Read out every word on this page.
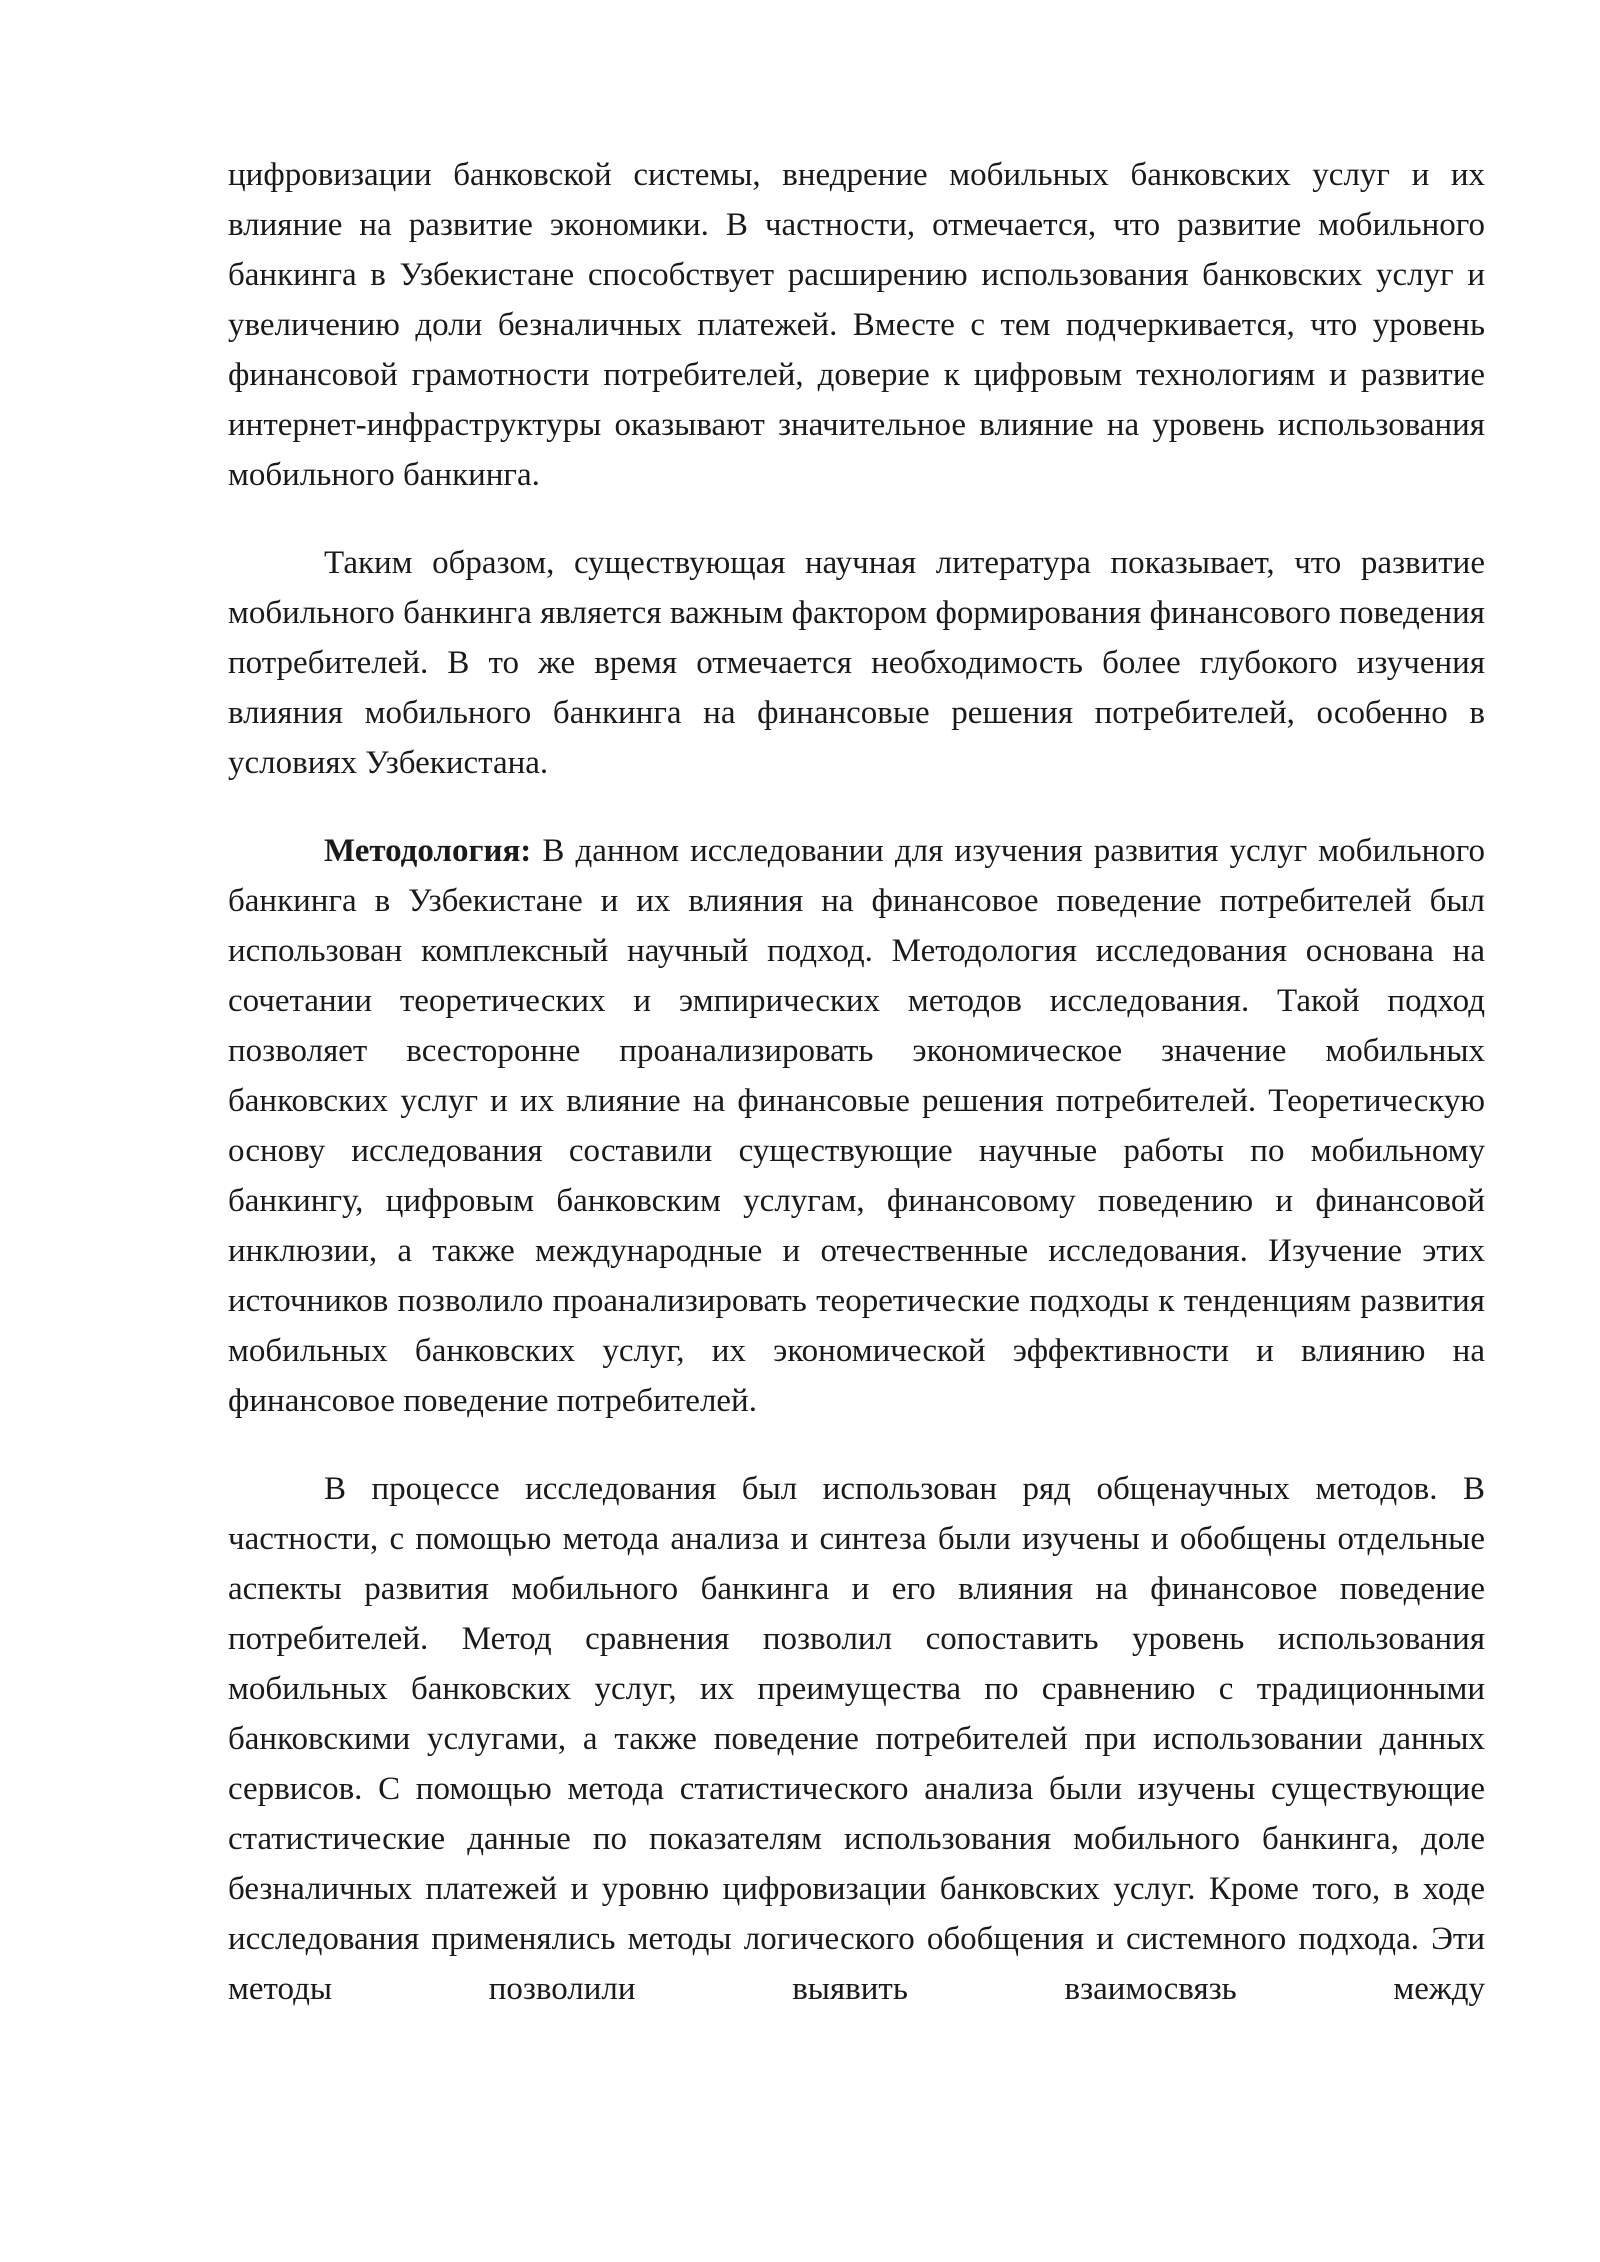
цифровизации банковской системы, внедрение мобильных банковских услуг и их влияние на развитие экономики. В частности, отмечается, что развитие мобильного банкинга в Узбекистане способствует расширению использования банковских услуг и увеличению доли безналичных платежей. Вместе с тем подчеркивается, что уровень финансовой грамотности потребителей, доверие к цифровым технологиям и развитие интернет-инфраструктуры оказывают значительное влияние на уровень использования мобильного банкинга.

Таким образом, существующая научная литература показывает, что развитие мобильного банкинга является важным фактором формирования финансового поведения потребителей. В то же время отмечается необходимость более глубокого изучения влияния мобильного банкинга на финансовые решения потребителей, особенно в условиях Узбекистана.

Методология: В данном исследовании для изучения развития услуг мобильного банкинга в Узбекистане и их влияния на финансовое поведение потребителей был использован комплексный научный подход. Методология исследования основана на сочетании теоретических и эмпирических методов исследования. Такой подход позволяет всесторонне проанализировать экономическое значение мобильных банковских услуг и их влияние на финансовые решения потребителей. Теоретическую основу исследования составили существующие научные работы по мобильному банкингу, цифровым банковским услугам, финансовому поведению и финансовой инклюзии, а также международные и отечественные исследования. Изучение этих источников позволило проанализировать теоретические подходы к тенденциям развития мобильных банковских услуг, их экономической эффективности и влиянию на финансовое поведение потребителей.

В процессе исследования был использован ряд общенаучных методов. В частности, с помощью метода анализа и синтеза были изучены и обобщены отдельные аспекты развития мобильного банкинга и его влияния на финансовое поведение потребителей. Метод сравнения позволил сопоставить уровень использования мобильных банковских услуг, их преимущества по сравнению с традиционными банковскими услугами, а также поведение потребителей при использовании данных сервисов. С помощью метода статистического анализа были изучены существующие статистические данные по показателям использования мобильного банкинга, доле безналичных платежей и уровню цифровизации банковских услуг. Кроме того, в ходе исследования применялись методы логического обобщения и системного подхода. Эти методы позволили выявить взаимосвязь между
